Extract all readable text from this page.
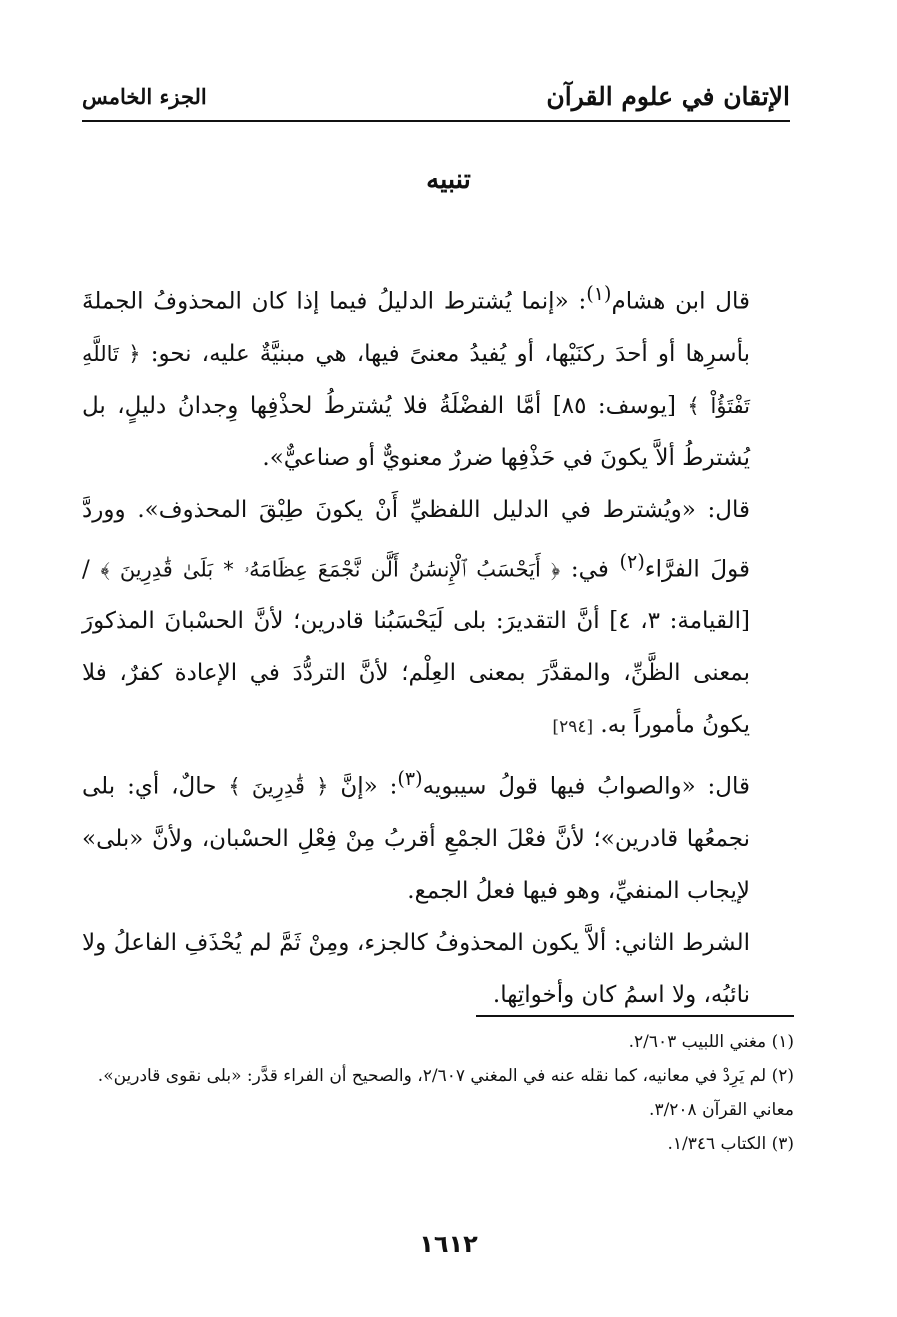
الإتقان في علوم القرآن
الجزء الخامس
تنبيه

قال ابن هشام$^{(١)}$: «إنما يُشترط الدليلُ فيما إذا كان المحذوفُ الجملةَ بأسرِها أو أحدَ ركنَيْها، أو يُفيدُ معنىً فيها، هي مبنيَّةٌ عليه، نحو: ﴿ تَاللَّهِ تَفْتَؤُاْ ﴾ [يوسف: ٨٥] أمَّا الفضْلَةُ فلا يُشترطُ لحذْفِها وِجدانُ دليلٍ، بل يُشترطُ ألاَّ يكونَ في حَذْفِها ضررٌ معنويٌّ أو صناعيٌّ».

قال: «ويُشترط في الدليل اللفظيِّ أَنْ يكونَ طِبْقَ المحذوف». ووردَّ قولَ الفرَّاء$^{(٢)}$ في: ﴿ أَيَحْسَبُ ٱلْإِنسَٰنُ أَلَّن نَّجْمَعَ عِظَامَهُۥ * بَلَىٰ قَٰدِرِينَ ﴾ / [القيامة: ٣، ٤] أنَّ التقديرَ: بلى لَيَحْسَبُنا قادرين؛ لأنَّ الحسْبانَ المذكورَ بمعنى الظَّنِّ، والمقدَّرَ بمعنى العِلْم؛ لأنَّ التردُّدَ في الإعادة كفرٌ، فلا يكونُ مأموراً به. [٢٩٤]

قال: «والصوابُ فيها قولُ سيبويه$^{(٣)}$: «إنَّ ﴿ قَٰدِرِينَ ﴾ حالٌ، أي: بلى نجمعُها قادرين»؛ لأنَّ فعْلَ الجمْعِ أقربُ مِنْ فِعْلِ الحسْبان، ولأنَّ «بلى» لإيجاب المنفيِّ، وهو فيها فعلُ الجمع.

الشرط الثاني: ألاَّ يكون المحذوفُ كالجزء، ومِنْ ثَمَّ لم يُحْذَفِ الفاعلُ ولا نائبُه، ولا اسمُ كان وأخواتِها.

(١) مغني اللبيب ٢/٦٠٣.

(٢) لم يَرِدْ في معانيه، كما نقله عنه في المغني ٢/٦٠٧، والصحيح أن الفراء قدَّر: «بلى نقوى قادرين». معاني القرآن ٣/٢٠٨.

(٣) الكتاب ١/٣٤٦.

١٦١٢
